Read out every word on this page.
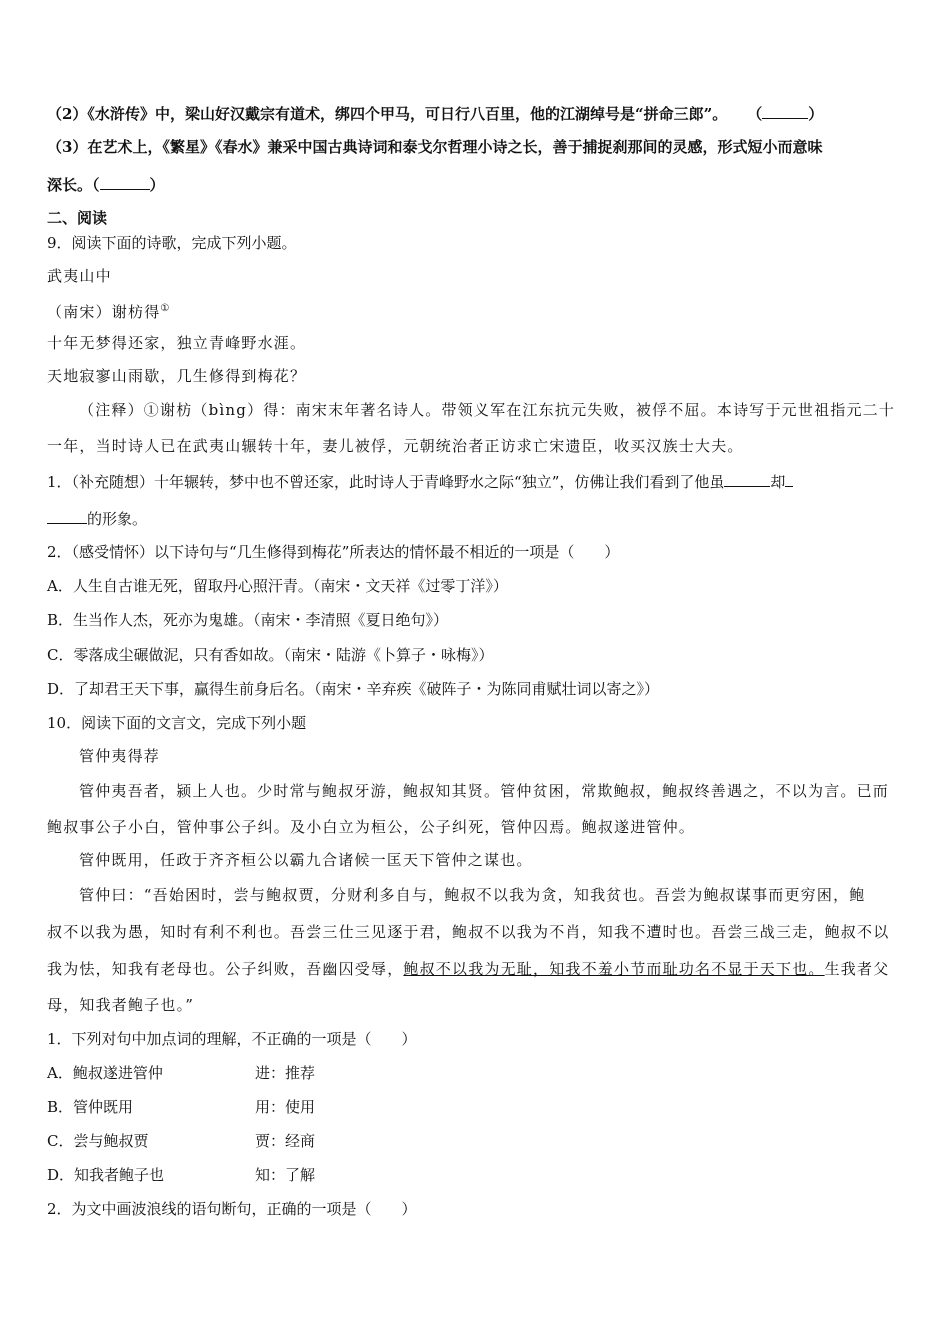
（2）《水浒传》中，梁山好汉戴宗有道术，绑四个甲马，可日行八百里，他的江湖绰号是“拼命三郎”。 （	）
（3）在艺术上，《繁星》《春水》兼采中国古典诗词和泰戈尔哲理小诗之长，善于捕捉刹那间的灵感，形式短小而意味
深长。（	）
二、阅读
9．阅读下面的诗歌，完成下列小题。
武夷山中
（南宋）谢枋得①
十年无梦得还家，独立青峰野水涯。
天地寂寥山雨歇，几生修得到梅花？
（注释）①谢枋（bìng）得：南宋末年著名诗人。带领义军在江东抗元失败，被俘不屈。本诗写于元世祖指元二十
一年，当时诗人已在武夷山辗转十年，妻儿被俘，元朝统治者正访求亡宋遗臣，收买汉族士大夫。
1．（补充随想）十年辗转，梦中也不曾还家，此时诗人于青峰野水之际“独立”，仿佛让我们看到了他虽	却
的形象。
2．（感受情怀）以下诗句与“几生修得到梅花”所表达的情怀最不相近的一项是（　　）
A．人生自古谁无死，留取丹心照汗青。（南宋・文天祥《过零丁洋》）
B．生当作人杰，死亦为鬼雄。（南宋・李清照《夏日绝句》）
C．零落成尘碾做泥，只有香如故。（南宋・陆游《卜算子・咏梅》）
D．了却君王天下事，赢得生前身后名。（南宋・辛弃疾《破阵子・为陈同甫赋壮词以寄之》）
10．阅读下面的文言文，完成下列小题
管仲夷得荐
管仲夷吾者，颍上人也。少时常与鲍叔牙游，鲍叔知其贤。管仲贫困，常欺鲍叔，鲍叔终善遇之，不以为言。已而
鲍叔事公子小白，管仲事公子纠。及小白立为桓公，公子纠死，管仲囚焉。鲍叔遂进管仲。
管仲既用，任政于齐齐桓公以霸九合诸候一匡天下管仲之谋也。
管仲曰：“吾始困时，尝与鲍叔贾，分财利多自与，鲍叔不以我为贪，知我贫也。吾尝为鲍叔谋事而更穷困，鲍
叔不以我为愚，知时有利不利也。吾尝三仕三见逐于君，鲍叔不以我为不肖，知我不遭时也。吾尝三战三走，鲍叔不以
我为怯，知我有老母也。公子纠败，吾幽囚受辱，鲍叔不以我为无耻，知我不羞小节而耻功名不显于天下也。生我者父
母，知我者鲍子也。”
1．下列对句中加点词的理解，不正确的一项是（　　）
A．鲍叔遂进管仲	进：推荐
B．管仲既用	用：使用
C．尝与鲍叔贾	贾：经商
D．知我者鲍子也	知：了解
2．为文中画波浪线的语句断句，正确的一项是（　　）
